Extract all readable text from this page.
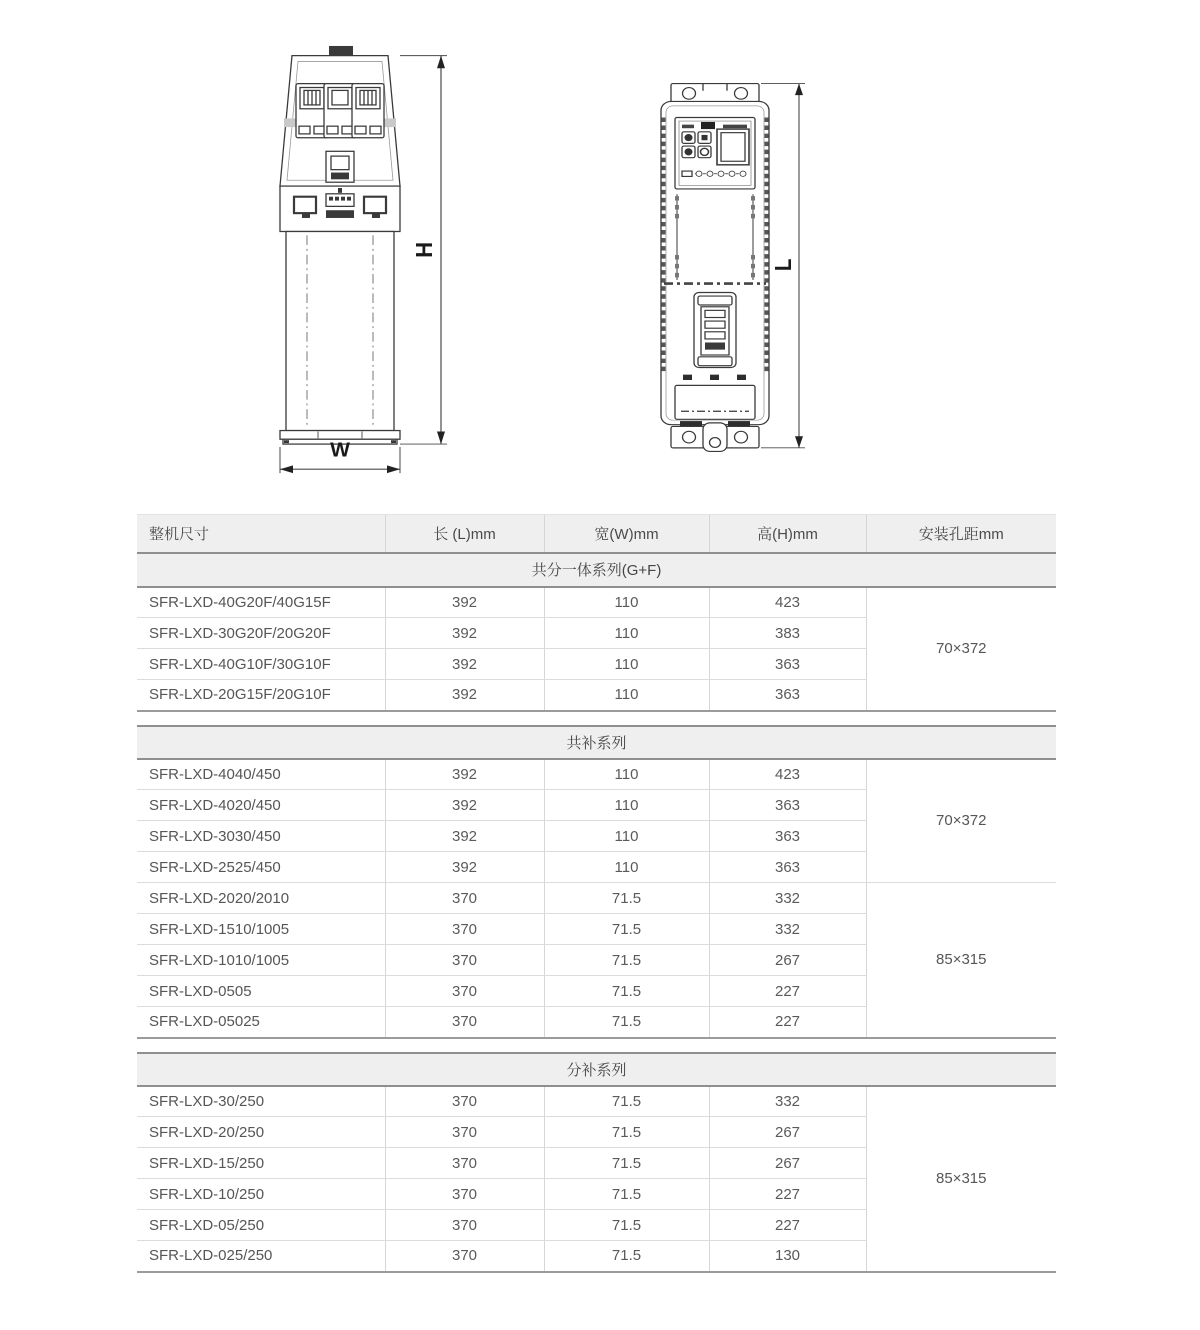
H
W
L
整机尺寸	长 (L)mm	宽(W)mm	高(H)mm	安装孔距mm
共分一体系列(G+F)				
SFR-LXD-40G20F/40G15F	392	110	423	70×372
SFR-LXD-30G20F/20G20F	392	110	383	
SFR-LXD-40G10F/30G10F	392	110	363	
SFR-LXD-20G15F/20G10F	392	110	363	
共补系列				
SFR-LXD-4040/450	392	110	423	70×372
SFR-LXD-4020/450	392	110	363	
SFR-LXD-3030/450	392	110	363	
SFR-LXD-2525/450	392	110	363	
SFR-LXD-2020/2010	370	71.5	332	85×315
SFR-LXD-1510/1005	370	71.5	332	
SFR-LXD-1010/1005	370	71.5	267	
SFR-LXD-0505	370	71.5	227	
SFR-LXD-05025	370	71.5	227	
分补系列				
SFR-LXD-30/250	370	71.5	332	85×315
SFR-LXD-20/250	370	71.5	267	
SFR-LXD-15/250	370	71.5	267	
SFR-LXD-10/250	370	71.5	227	
SFR-LXD-05/250	370	71.5	227	
SFR-LXD-025/250	370	71.5	130	
